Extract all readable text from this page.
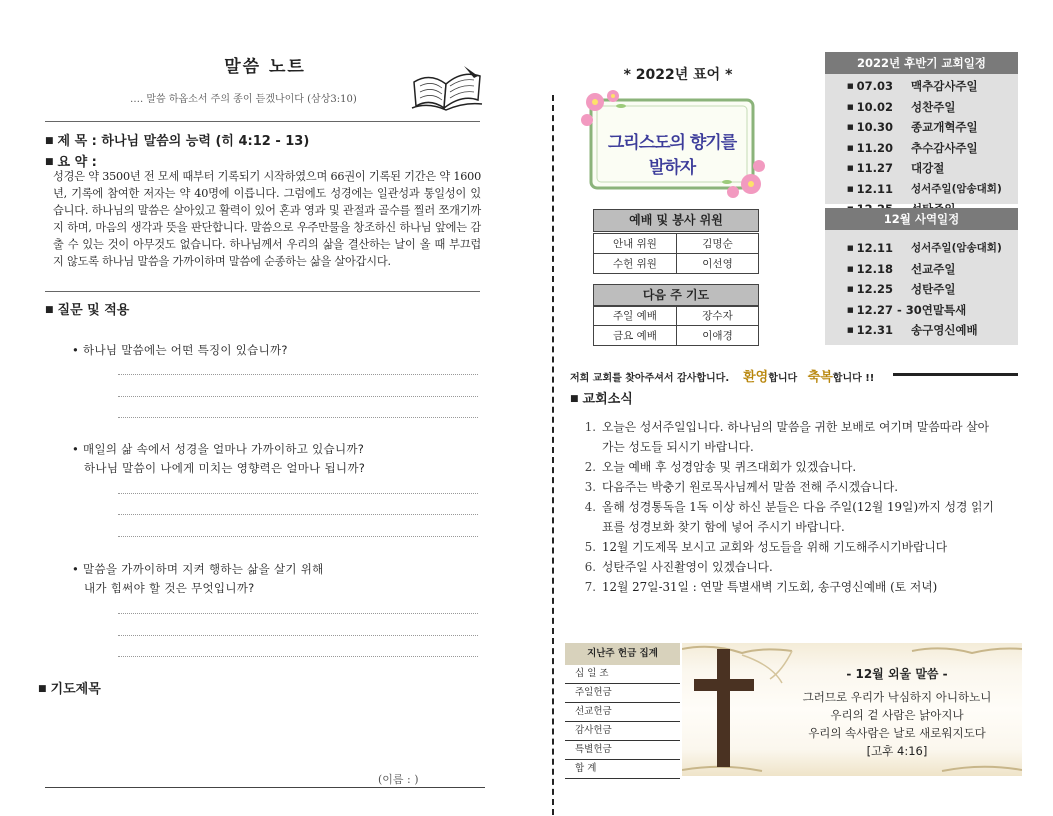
말씀 노트
…. 말씀 하옵소서 주의 종이 듣겠나이다 (삼상3:10)
■ 제 목 : 하나님 말씀의 능력 (히 4:12 - 13)
■ 요 약 :
성경은 약 3500년 전 모세 때부터 기록되기 시작하였으며 66권이 기록된 기간은 약 1600년, 기록에 참여한 저자는 약 40명에 이릅니다. 그럼에도 성경에는 일관성과 통일성이 있습니다. 하나님의 말씀은 살아있고 활력이 있어 혼과 영과 및 관절과 골수를 찔러 쪼개기까지 하며, 마음의 생각과 뜻을 판단합니다. 말씀으로 우주만물을 창조하신 하나님 앞에는 감출 수 있는 것이 아무것도 없습니다. 하나님께서 우리의 삶을 결산하는 날이 올 때 부끄럽지 않도록 하나님 말씀을 가까이하며 말씀에 순종하는 삶을 살아갑시다.
■ 질문 및 적용
• 하나님 말씀에는 어떤 특징이 있습니까?
• 매일의 삶 속에서 성경을 얼마나 가까이하고 있습니까?
하나님 말씀이 나에게 미치는 영향력은 얼마나 됩니까?
• 말씀을 가까이하며 지켜 행하는 삶을 살기 위해
내가 힘써야 할 것은 무엇입니까?
■ 기도제목
(이름 : )
* 2022년 표어 *
그리스도의 향기를 발하자
예배 및 봉사 위원
안내 위원	김명순
수헌 위원	이선영
다음 주 기도
주일 예배	장수자
금요 예배	이애경
2022년 후반기 교회일정
■ 07.03	맥추감사주일
■ 10.02	성찬주일
■ 10.30	종교개혁주일
■ 11.20	추수감사주일
■ 11.27	대강절
■ 12.11	성서주일(암송대회)
■
12월 사역일정
■ 12.11	성서주일(암송대회)
■ 12.18	선교주일
■ 12.25	성탄주일
■ 12.27 - 30 연말특새
■ 12.31	송구영신예배
저희 교회를 찾아주셔서 감사합니다. 환영합니다 축복합니다 !!
■ 교회소식
1. 오늘은 성서주일입니다. 하나님의 말씀을 귀한 보배로 여기며 말씀따라 살아가는 성도들 되시기 바랍니다.
2. 오늘 예배 후 성경암송 및 퀴즈대회가 있겠습니다.
3. 다음주는 박충기 원로목사님께서 말씀 전해 주시겠습니다.
4. 올해 성경통독을 1독 이상 하신 분들은 다음 주일(12월 19일)까지 성경 읽기표를 성경보화 찾기 함에 넣어 주시기 바랍니다.
5. 12월 기도제목 보시고 교회와 성도들을 위해 기도해주시기바랍니다
6. 성탄주일 사진촬영이 있겠습니다.
7. 12월 27일-31일 : 연말 특별새벽 기도회, 송구영신예배 (토 저녁)
지난주 헌금 집계
십 일 조
주일헌금
선교헌금
감사헌금
특별헌금
합 계
- 12월 외울 말씀 -
그러므로 우리가 낙심하지 아니하노니
우리의 겉 사람은 낡아지나
우리의 속사람은 날로 새로워지도다
[고후 4:16]
